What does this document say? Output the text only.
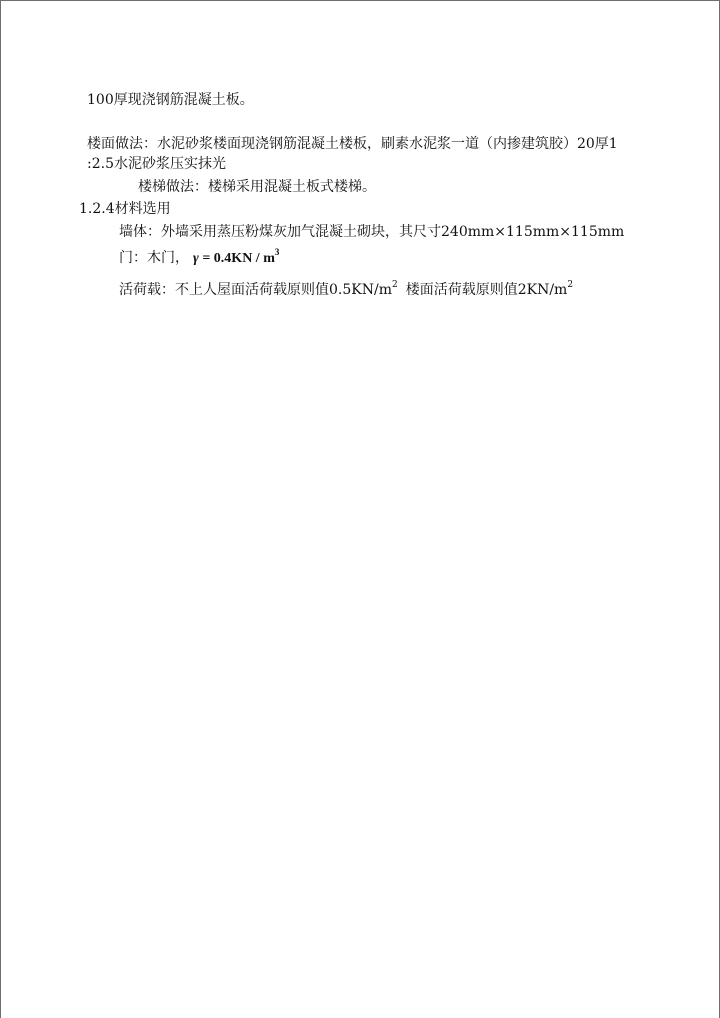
100厚现浇钢筋混凝土板。
楼面做法：水泥砂浆楼面现浇钢筋混凝土楼板，刷素水泥浆一道（内掺建筑胶）20厚1
:2.5水泥砂浆压实抹光
楼梯做法：楼梯采用混凝土板式楼梯。
1.2.4材料选用
墙体：外墙采用蒸压粉煤灰加气混凝土砌块，其尺寸240mm×115mm×115mm
门：木门， $\gamma = 0.4KN / m^3$
活荷载：不上人屋面活荷载原则值$0.5KN/m^2$ 楼面活荷载原则值$2KN/m^2$
